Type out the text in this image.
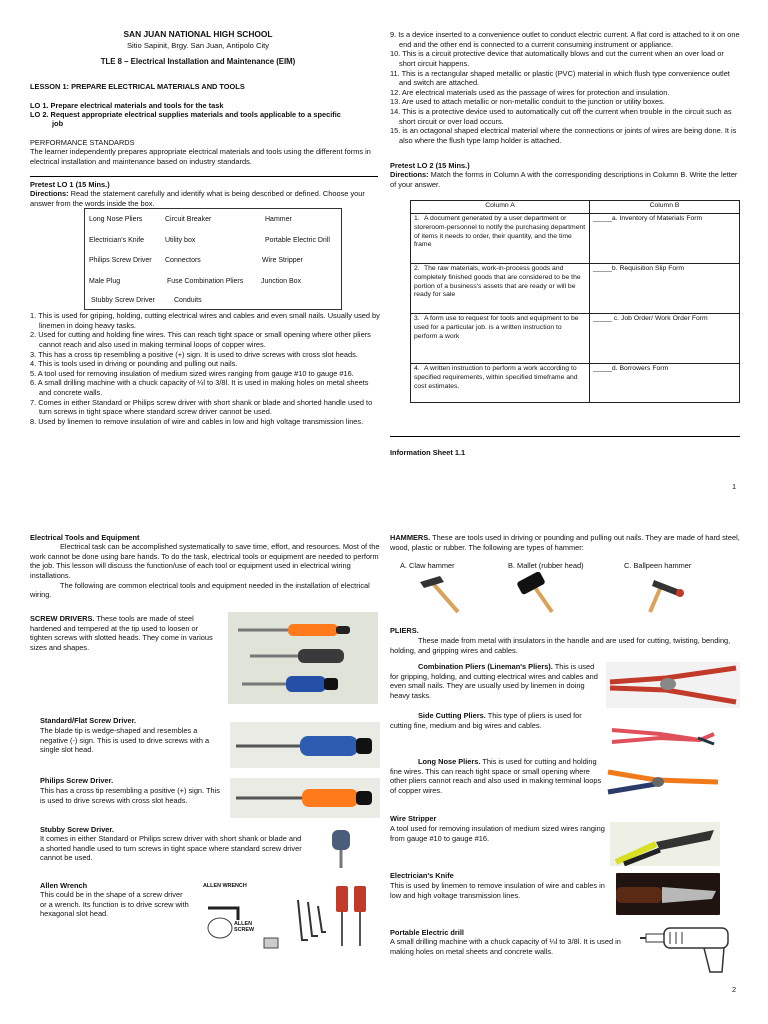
SAN JUAN NATIONAL HIGH SCHOOL
Sitio Sapinit, Brgy. San Juan, Antipolo City
TLE 8 – Electrical Installation and Maintenance (EIM)
LESSON 1: PREPARE ELECTRICAL MATERIALS AND TOOLS
LO 1. Prepare electrical materials and tools for the task
LO 2. Request appropriate electrical supplies materials and tools applicable to a specific
job
PERFORMANCE STANDARDS
The learner independently prepares appropriate electrical materials and tools using the different forms in electrical installation and maintenance based on industry standards.
Pretest LO 1 (15 Mins.)
Directions: Read the statement carefully and identify what is being described or defined. Choose your answer from the words inside the box.
Long Nose Pliers	Circuit Breaker	Hammer
Electrician's Knife	Utility box	Portable Electric Drill
Philips Screw Driver Connectors	Wire Stripper
Male Plug	Fuse Combination Pliers	Junction Box
Stubby Screw Driver	Conduits

1. This is used for griping, holding, cutting electrical wires and cables and even small nails. Usually used by linemen in doing heavy tasks.

2. Used for cutting and holding fine wires. This can reach tight space or small opening where other pliers cannot reach and also used in making terminal loops of copper wires.

3. This has a cross tip resembling a positive (+) sign. It is used to drive screws with cross slot heads.

4. This is tools used in driving or pounding and pulling out nails.

5. A tool used for removing insulation of medium sized wires ranging from gauge #10 to gauge #16.

6. A small drilling machine with a chuck capacity of ¼l to 3/8l. It is used in making holes on metal sheets and concrete walls.

7. Comes in either Standard or Philips screw driver with short shank or blade and shorted handle used to turn screws in tight space where standard screw driver cannot be used.

8. Used by linemen to remove insulation of wire and cables in low and high voltage transmission lines.

9. Is a device inserted to a convenience outlet to conduct electric current. A flat cord is attached to it on one end and the other end is connected to a current consuming instrument or appliance.

10. This is a circuit protective device that automatically blows and cut the current when an over load or short circuit happens.

11. This is a rectangular shaped metallic or plastic (PVC) material in which flush type convenience outlet and switch are attached.

12. Are electrical materials used as the passage of wires for protection and insulation.

13. Are used to attach metallic or non-metallic conduit to the junction or utility boxes.

14. This is a protective device used to automatically cut off the current when trouble in the circuit such as short circuit or over load occurs.

15. is an octagonal shaped electrical material where the connections or joints of wires are being done. It is also where the flush type lamp holder is attached.

Pretest LO 2 (15 Mins.)
Directions: Match the forms in Column A with the corresponding descriptions in Column B. Write the letter of your answer.
Column A	Column B
1. A document generated by a user department or storeroom-personnel to notify the purchasing department of items it needs to order, their quantity, and the time frame	_____a. Inventory of Materials Form
2. The raw materials, work-in-process goods and completely finished goods that are considered to be the portion of a business's assets that are ready or will be ready for sale	_____b. Requisition Slip Form
3. A form use to request for tools and equipment to be used for a particular job. is a written instruction to perform a work	_____ c. Job Order/ Work Order Form
4. A written instruction to perform a work according to specified requirements, within specified timeframe and cost estimates.	_____d. Borrowers Form
Information Sheet 1.1
1
Electrical Tools and Equipment

Electrical task can be accomplished systematically to save time, effort, and resources. Most of the work cannot be done using bare hands. To do the task, electrical tools or equipment are needed to perform the job. This lesson will discuss the function/use of each tool or equipment used in electrical wiring installations.

The following are common electrical tools and equipment needed in the installation of electrical wiring.

SCREW DRIVERS. These tools are made of steel hardened and tempered at the tip used to loosen or tighten screws with slotted heads. They come in various sizes and shapes.
Standard/Flat Screw Driver.
The blade tip is wedge-shaped and resembles a negative (-) sign. This is used to drive screws with a single slot head.
Philips Screw Driver.
This has a cross tip resembling a positive (+) sign. This is used to drive screws with cross slot heads.
Stubby Screw Driver.
It comes in either Standard or Philips screw driver with short shank or blade and a shorted handle used to turn screws in tight space where standard screw driver cannot be used.
Allen Wrench
This could be in the shape of a screw driver or a wrench. Its function is to drive screw with hexagonal slot head.
ALLEN WRENCH
ALLEN SCREW
HAMMERS. These are tools used in driving or pounding and pulling out nails. They are made of hard steel, wood, plastic or rubber. The following are types of hammer:
A. Claw hammer	B. Mallet (rubber head)	C. Ballpeen hammer
PLIERS.
These made from metal with insulators in the handle and are used for cutting, twisting, bending, holding, and gripping wires and cables.
Combination Pliers (Lineman's Pliers). This is used for gripping, holding, and cutting electrical wires and cables and even small nails. They are usually used by linemen in doing heavy tasks.
Side Cutting Pliers. This type of pliers is used for cutting fine, medium and big wires and cables.
Long Nose Pliers. This is used for cutting and holding fine wires. This can reach tight space or small opening where other pliers cannot reach and also used in making terminal loops of copper wires.
Wire Stripper
A tool used for removing insulation of medium sized wires ranging from gauge #10 to gauge #16.
Electrician's Knife
This is used by linemen to remove insulation of wire and cables in low and high voltage transmission lines.
Portable Electric drill
A small drilling machine with a chuck capacity of ¼l to 3/8l. It is used in making holes on metal sheets and concrete walls.
2
